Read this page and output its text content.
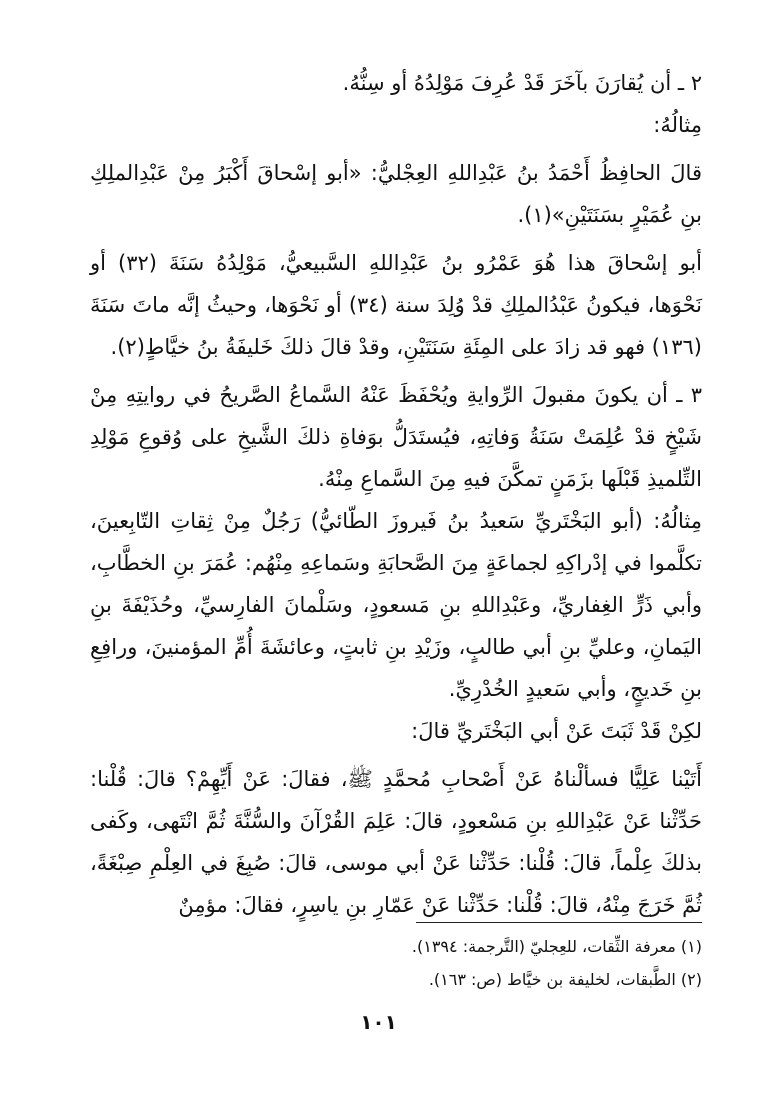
٢ ـ أن يُقارَنَ بآخَرَ قَدْ عُرِفَ مَوْلِدُهُ أو سِنُّهُ.

مِثالُهُ:

قالَ الحافِظُ أَحْمَدُ بنُ عَبْدِاللهِ العِجْليُّ: «أبو إسْحاقَ أَكْبَرُ مِنْ عَبْدِالملِكِ بنِ عُمَيْرٍ بسَنَتَيْنِ»(١).

أبو إسْحاقَ هذا هُوَ عَمْرُو بنُ عَبْدِاللهِ السَّبيعيُّ، مَوْلِدُهُ سَنَةَ (٣٢) أو نَحْوَها، فيكونُ عَبْدُالملِكِ قدْ وُلِدَ سنة (٣٤) أو نَحْوَها، وحيثُ إنَّه ماتَ سَنَةَ (١٣٦) فهو قد زادَ على المِئَةِ سَنَتَيْنِ، وقدْ قالَ ذلكَ خَليفَةُ بنُ خيَّاطٍ(٢).

٣ ـ أن يكونَ مقبولَ الرِّوايةِ ويُحْفَظَ عَنْهُ السَّماعُ الصَّريحُ في روايتِهِ مِنْ شَيْخٍ قدْ عُلِمَتْ سَنَةُ وَفاتِهِ، فيُستَدَلُّ بوَفاةِ ذلكَ الشَّيخِ على وُقوعِ مَوْلِدِ التِّلميذِ قَبْلَها بزَمَنٍ تمكَّنَ فيهِ مِنَ السَّماعِ مِنْهُ.

مِثالُهُ: (أبو البَخْتَريِّ سَعيدُ بنُ فَيروزَ الطّائيُّ) رَجُلٌ مِنْ ثِقاتِ التّابِعينَ، تكلَّموا في إدْراكِهِ لجماعَةٍ مِنَ الصَّحابَةِ وسَماعِهِ مِنْهُم: عُمَرَ بنِ الخطَّابِ، وأبي ذَرٍّ الغِفاريِّ، وعَبْدِاللهِ بنِ مَسعودٍ، وسَلْمانَ الفارِسيِّ، وحُذَيْفَةَ بنِ اليَمانِ، وعليِّ بنِ أبي طالبٍ، وزَيْدِ بنِ ثابتٍ، وعائشَةَ أُمِّ المؤمنينَ، ورافِعِ بنِ خَديجٍ، وأبي سَعيدٍ الخُدْرِيِّ.

لكِنْ قَدْ ثَبَتَ عَنْ أبي البَخْتَريِّ قالَ:

أَتَيْنا عَلِيًّا فسألْناهُ عَنْ أَصْحابِ مُحمَّدٍ ﷺ، فقالَ: عَنْ أَيِّهِمْ؟ قالَ: قُلْنا: حَدِّثْنا عَنْ عَبْدِاللهِ بنِ مَسْعودٍ، قالَ: عَلِمَ القُرْآنَ والسُّنَّةَ ثُمَّ انْتَهى، وكَفى بذلكَ عِلْماً، قالَ: قُلْنا: حَدِّثْنا عَنْ أبي موسى، قالَ: صُبِغَ في العِلْمِ صِبْغَةً، ثُمَّ خَرَجَ مِنْهُ، قالَ: قُلْنا: حَدِّثْنا عَنْ عَمّارِ بنِ ياسِرٍ، فقالَ: مؤمِنٌ

(١) معرفة الثِّقات، للعِجليّ (التَّرجمة: ١٣٩٤).

(٢) الطَّبقات، لخليفة بن خيَّاط (ص: ١٦٣).

١٠١
